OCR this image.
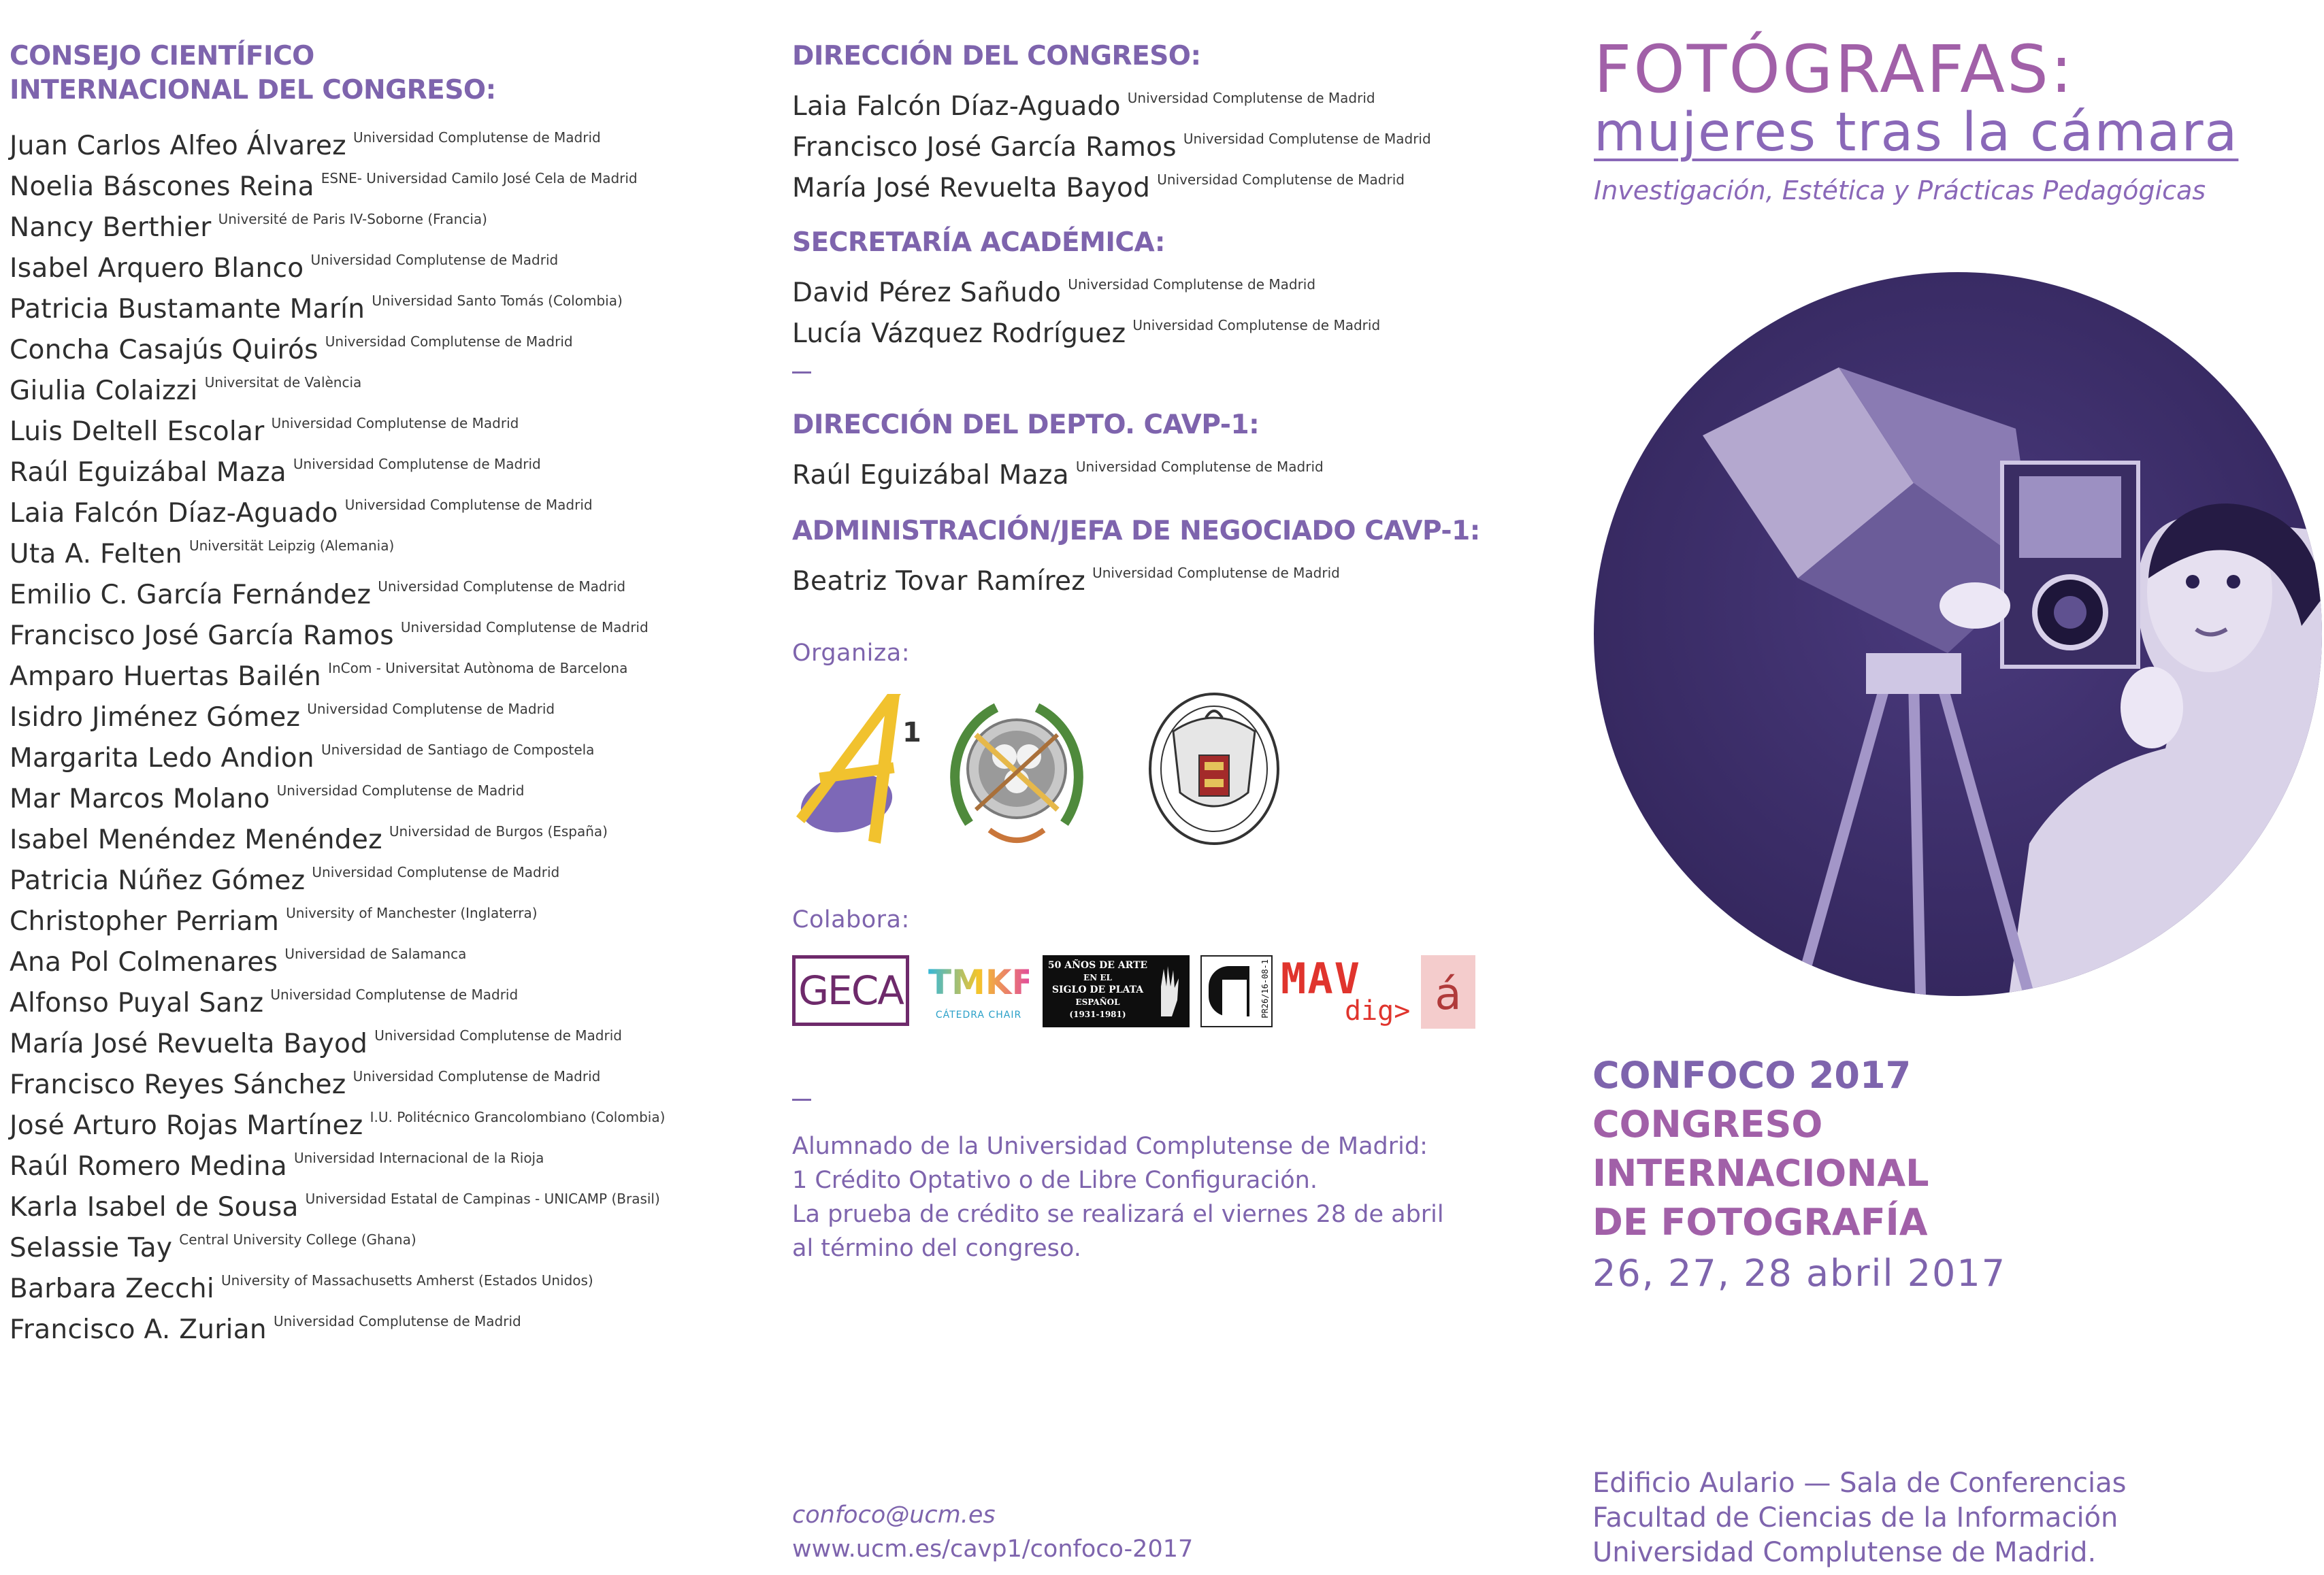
CONSEJO CIENTÍFICO
INTERNACIONAL DEL CONGRESO:
Juan Carlos Alfeo Álvarez Universidad Complutense de Madrid
Noelia Báscones Reina ESNE- Universidad Camilo José Cela de Madrid
Nancy Berthier Université de Paris IV-Soborne (Francia)
Isabel Arquero Blanco Universidad Complutense de Madrid
Patricia Bustamante Marín Universidad Santo Tomás (Colombia)
Concha Casajús Quirós Universidad Complutense de Madrid
Giulia Colaizzi Universitat de València
Luis Deltell Escolar Universidad Complutense de Madrid
Raúl Eguizábal Maza Universidad Complutense de Madrid
Laia Falcón Díaz-Aguado Universidad Complutense de Madrid
Uta A. Felten Universität Leipzig (Alemania)
Emilio C. García Fernández Universidad Complutense de Madrid
Francisco José García Ramos Universidad Complutense de Madrid
Amparo Huertas Bailén InCom - Universitat Autònoma de Barcelona
Isidro Jiménez Gómez Universidad Complutense de Madrid
Margarita Ledo Andion Universidad de Santiago de Compostela
Mar Marcos Molano Universidad Complutense de Madrid
Isabel Menéndez Menéndez Universidad de Burgos (España)
Patricia Núñez Gómez Universidad Complutense de Madrid
Christopher Perriam University of Manchester (Inglaterra)
Ana Pol Colmenares Universidad de Salamanca
Alfonso Puyal Sanz Universidad Complutense de Madrid
María José Revuelta Bayod Universidad Complutense de Madrid
Francisco Reyes Sánchez Universidad Complutense de Madrid
José Arturo Rojas Martínez I.U. Politécnico Grancolombiano (Colombia)
Raúl Romero Medina Universidad Internacional de la Rioja
Karla Isabel de Sousa Universidad Estatal de Campinas - UNICAMP (Brasil)
Selassie Tay Central University College (Ghana)
Barbara Zecchi University of Massachusetts Amherst (Estados Unidos)
Francisco A. Zurian Universidad Complutense de Madrid
DIRECCIÓN DEL CONGRESO:
Laia Falcón Díaz-Aguado Universidad Complutense de Madrid
Francisco José García Ramos Universidad Complutense de Madrid
María José Revuelta Bayod Universidad Complutense de Madrid
SECRETARÍA ACADÉMICA:
David Pérez Sañudo Universidad Complutense de Madrid
Lucía Vázquez Rodríguez Universidad Complutense de Madrid
DIRECCIÓN DEL DEPTO. CAVP-1:
Raúl Eguizábal Maza Universidad Complutense de Madrid
ADMINISTRACIÓN/JEFA DE NEGOCIADO CAVP-1:
Beatriz Tovar Ramírez Universidad Complutense de Madrid
Organiza:
1
Colabora:
GECA TMKF
CÁTEDRA CHAIR
50 AÑOS DE ARTE
EN EL
SIGLO DE PLATA
ESPAÑOL
(1931-1981)	PR26/16-08-1 MAV
dig> á
Alumnado de la Universidad Complutense de Madrid:
1 Crédito Optativo o de Libre Configuración.
La prueba de crédito se realizará el viernes 28 de abril
al término del congreso.
confoco@ucm.es
www.ucm.es/cavp1/confoco-2017
FOTÓGRAFAS:
mujeres tras la cámara
Investigación, Estética y Prácticas Pedagógicas
CONFOCO 2017
CONGRESO
INTERNACIONAL
DE FOTOGRAFÍA
26, 27, 28 abril 2017
Edificio Aulario — Sala de Conferencias
Facultad de Ciencias de la Información
Universidad Complutense de Madrid.
